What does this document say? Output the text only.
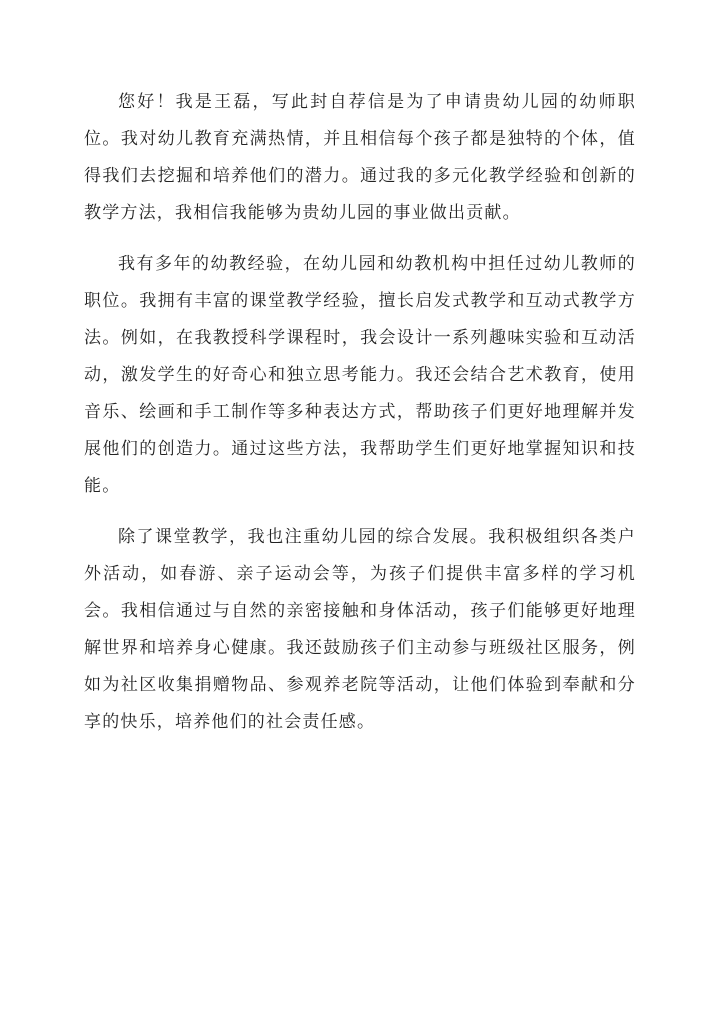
您好！我是王磊，写此封自荐信是为了申请贵幼儿园的幼师职位。我对幼儿教育充满热情，并且相信每个孩子都是独特的个体，值得我们去挖掘和培养他们的潜力。通过我的多元化教学经验和创新的教学方法，我相信我能够为贵幼儿园的事业做出贡献。

我有多年的幼教经验，在幼儿园和幼教机构中担任过幼儿教师的职位。我拥有丰富的课堂教学经验，擅长启发式教学和互动式教学方法。例如，在我教授科学课程时，我会设计一系列趣味实验和互动活动，激发学生的好奇心和独立思考能力。我还会结合艺术教育，使用音乐、绘画和手工制作等多种表达方式，帮助孩子们更好地理解并发展他们的创造力。通过这些方法，我帮助学生们更好地掌握知识和技能。

除了课堂教学，我也注重幼儿园的综合发展。我积极组织各类户外活动，如春游、亲子运动会等，为孩子们提供丰富多样的学习机会。我相信通过与自然的亲密接触和身体活动，孩子们能够更好地理解世界和培养身心健康。我还鼓励孩子们主动参与班级社区服务，例如为社区收集捐赠物品、参观养老院等活动，让他们体验到奉献和分享的快乐，培养他们的社会责任感。
